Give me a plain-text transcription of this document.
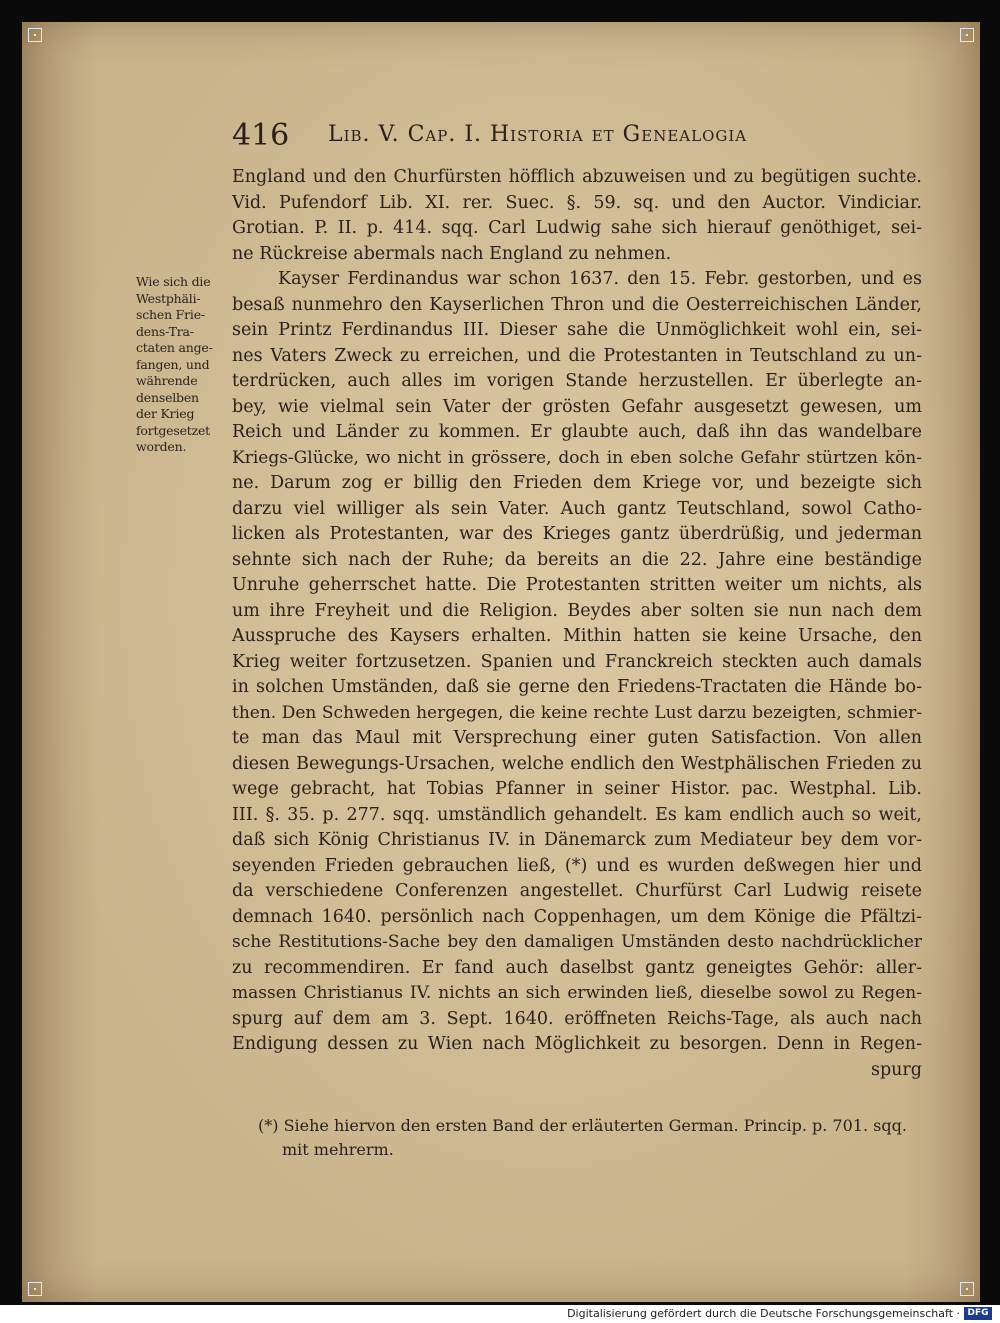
416 Lib. V. Cap. I. Historia et Genealogia
Wie sich die
Westphäli-
schen Frie-
dens-Tra-
ctaten ange-
fangen, und
währende
denselben
der Krieg
fortgesetzet
worden.
England und den Churfürsten höfflich abzuweisen und zu begütigen suchte.
Vid. Pufendorf Lib. XI. rer. Suec. §. 59. sq. und den Auctor. Vindiciar.
Grotian. P. II. p. 414. sqq. Carl Ludwig sahe sich hierauf genöthiget, sei-
ne Rückreise abermals nach England zu nehmen.
Kayser Ferdinandus war schon 1637. den 15. Febr. gestorben, und es
besaß nunmehro den Kayserlichen Thron und die Oesterreichischen Länder,
sein Printz Ferdinandus III. Dieser sahe die Unmöglichkeit wohl ein, sei-
nes Vaters Zweck zu erreichen, und die Protestanten in Teutschland zu un-
terdrücken, auch alles im vorigen Stande herzustellen. Er überlegte an-
bey, wie vielmal sein Vater der grösten Gefahr ausgesetzt gewesen, um
Reich und Länder zu kommen. Er glaubte auch, daß ihn das wandelbare
Kriegs-Glücke, wo nicht in grössere, doch in eben solche Gefahr stürtzen kön-
ne. Darum zog er billig den Frieden dem Kriege vor, und bezeigte sich
darzu viel williger als sein Vater. Auch gantz Teutschland, sowol Catho-
licken als Protestanten, war des Krieges gantz überdrüßig, und jederman
sehnte sich nach der Ruhe; da bereits an die 22. Jahre eine beständige
Unruhe geherrschet hatte. Die Protestanten stritten weiter um nichts, als
um ihre Freyheit und die Religion. Beydes aber solten sie nun nach dem
Ausspruche des Kaysers erhalten. Mithin hatten sie keine Ursache, den
Krieg weiter fortzusetzen. Spanien und Franckreich steckten auch damals
in solchen Umständen, daß sie gerne den Friedens-Tractaten die Hände bo-
then. Den Schweden hergegen, die keine rechte Lust darzu bezeigten, schmier-
te man das Maul mit Versprechung einer guten Satisfaction. Von allen
diesen Bewegungs-Ursachen, welche endlich den Westphälischen Frieden zu
wege gebracht, hat Tobias Pfanner in seiner Histor. pac. Westphal. Lib.
III. §. 35. p. 277. sqq. umständlich gehandelt. Es kam endlich auch so weit,
daß sich König Christianus IV. in Dänemarck zum Mediateur bey dem vor-
seyenden Frieden gebrauchen ließ, (*) und es wurden deßwegen hier und
da verschiedene Conferenzen angestellet. Churfürst Carl Ludwig reisete
demnach 1640. persönlich nach Coppenhagen, um dem Könige die Pfältzi-
sche Restitutions-Sache bey den damaligen Umständen desto nachdrücklicher
zu recommendiren. Er fand auch daselbst gantz geneigtes Gehör: aller-
massen Christianus IV. nichts an sich erwinden ließ, dieselbe sowol zu Regen-
spurg auf dem am 3. Sept. 1640. eröffneten Reichs-Tage, als auch nach
Endigung dessen zu Wien nach Möglichkeit zu besorgen. Denn in Regen-
spurg
(*) Siehe hiervon den ersten Band der erläuterten German. Princip. p. 701. sqq.
mit mehrerm.
Digitalisierung gefördert durch die Deutsche Forschungsgemeinschaft · DFG
